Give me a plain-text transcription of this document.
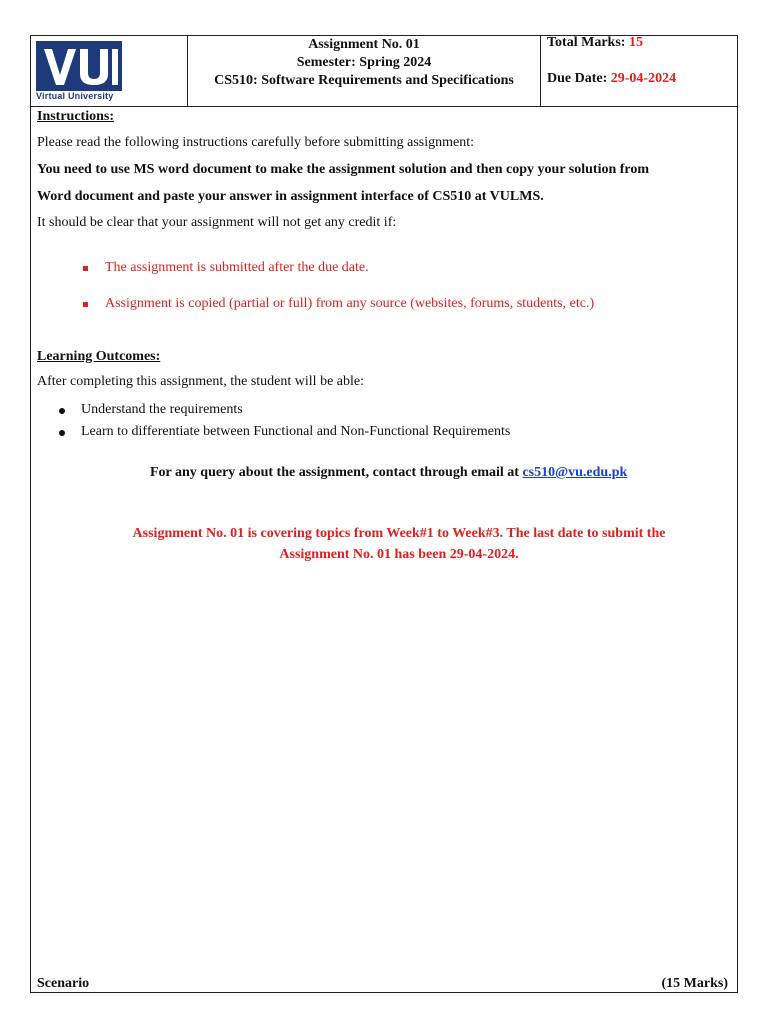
Virtual University
Assignment No. 01
Semester: Spring 2024
CS510: Software Requirements and Specifications
Total Marks: 15
Due Date: 29-04-2024
Instructions:
Please read the following instructions carefully before submitting assignment:
You need to use MS word document to make the assignment solution and then copy your solution from
Word document and paste your answer in assignment interface of CS510 at VULMS.
It should be clear that your assignment will not get any credit if:
The assignment is submitted after the due date.
Assignment is copied (partial or full) from any source (websites, forums, students, etc.)
Learning Outcomes:
After completing this assignment, the student will be able:
Understand the requirements
Learn to differentiate between Functional and Non-Functional Requirements
For any query about the assignment, contact through email at cs510@vu.edu.pk
Assignment No. 01 is covering topics from Week#1 to Week#3. The last date to submit the
Assignment No. 01 has been 29-04-2024.
Scenario	(15 Marks)
